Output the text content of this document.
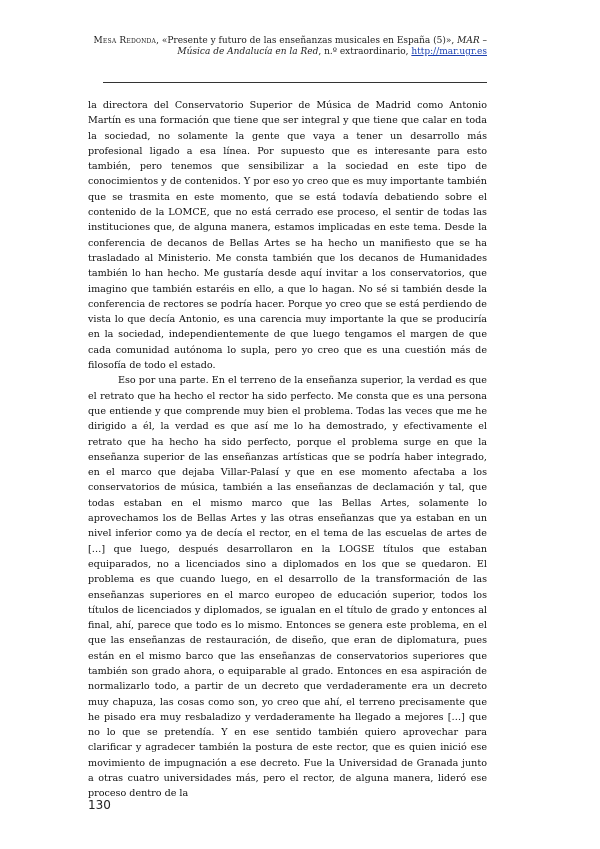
Mesa Redonda, «Presente y futuro de las enseñanzas musicales en España (5)», MAR – Música de Andalucía en la Red, n.º extraordinario, http://mar.ugr.es

la directora del Conservatorio Superior de Música de Madrid como Antonio Martín es una formación que tiene que ser integral y que tiene que calar en toda la sociedad, no solamente la gente que vaya a tener un desarrollo más profesional ligado a esa línea. Por supuesto que es interesante para esto también, pero tenemos que sensibilizar a la sociedad en este tipo de conocimientos y de contenidos. Y por eso yo creo que es muy importante también que se trasmita en este momento, que se está todavía debatiendo sobre el contenido de la LOMCE, que no está cerrado ese proceso, el sentir de todas las instituciones que, de alguna manera, estamos implicadas en este tema. Desde la conferencia de decanos de Bellas Artes se ha hecho un manifiesto que se ha trasladado al Ministerio. Me consta también que los decanos de Humanidades también lo han hecho. Me gustaría desde aquí invitar a los conservatorios, que imagino que también estaréis en ello, a que lo hagan. No sé si también desde la conferencia de rectores se podría hacer. Porque yo creo que se está perdiendo de vista lo que decía Antonio, es una carencia muy importante la que se produciría en la sociedad, independientemente de que luego tengamos el margen de que cada comunidad autónoma lo supla, pero yo creo que es una cuestión más de filosofía de todo el estado.

Eso por una parte. En el terreno de la enseñanza superior, la verdad es que el retrato que ha hecho el rector ha sido perfecto. Me consta que es una persona que entiende y que comprende muy bien el problema. Todas las veces que me he dirigido a él, la verdad es que así me lo ha demostrado, y efectivamente el retrato que ha hecho ha sido perfecto, porque el problema surge en que la enseñanza superior de las enseñanzas artísticas que se podría haber integrado, en el marco que dejaba Villar-Palasí y que en ese momento afectaba a los conservatorios de música, también a las enseñanzas de declamación y tal, que todas estaban en el mismo marco que las Bellas Artes, solamente lo aprovechamos los de Bellas Artes y las otras enseñanzas que ya estaban en un nivel inferior como ya de decía el rector, en el tema de las escuelas de artes de […] que luego, después desarrollaron en la LOGSE títulos que estaban equiparados, no a licenciados sino a diplomados en los que se quedaron. El problema es que cuando luego, en el desarrollo de la transformación de las enseñanzas superiores en el marco europeo de educación superior, todos los títulos de licenciados y diplomados, se igualan en el título de grado y entonces al final, ahí, parece que todo es lo mismo. Entonces se genera este problema, en el que las enseñanzas de restauración, de diseño, que eran de diplomatura, pues están en el mismo barco que las enseñanzas de conservatorios superiores que también son grado ahora, o equiparable al grado. Entonces en esa aspiración de normalizarlo todo, a partir de un decreto que verdaderamente era un decreto muy chapuza, las cosas como son, yo creo que ahí, el terreno precisamente que he pisado era muy resbaladizo y verdaderamente ha llegado a mejores […] que no lo que se pretendía. Y en ese sentido también quiero aprovechar para clarificar y agradecer también la postura de este rector, que es quien inició ese movimiento de impugnación a ese decreto. Fue la Universidad de Granada junto a otras cuatro universidades más, pero el rector, de alguna manera, lideró ese proceso dentro de la

130
